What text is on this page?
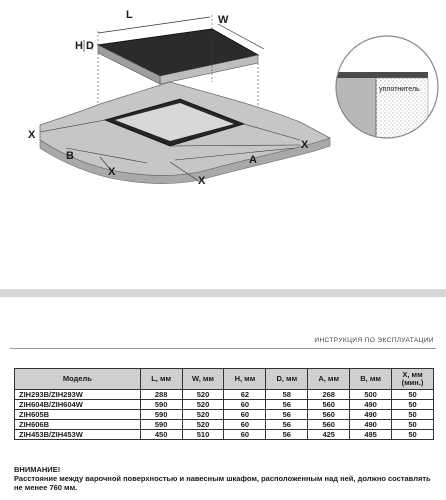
L	W
H D
X
B
X
A
X
X
уплотнитель
ИНСТРУКЦИЯ ПО ЭКСПЛУАТАЦИИ
Модель	L, мм	W, мм	H, мм	D, мм	A, мм	B, мм	X, мм (мин.)
ZIH293B/ZIH293W	288	520	62	58	268	500	50
ZIH604B/ZIH604W	590	520	60	56	560	490	50
ZIH605B	590	520	60	56	560	490	50
ZIH606B	590	520	60	56	560	490	50
ZIH453B/ZIH453W	450	510	60	56	425	495	50
ВНИМАНИЕ!
Расстояние между варочной поверхностью и навесным шкафом, расположенным над ней, должно составлять не менее 760 мм.
